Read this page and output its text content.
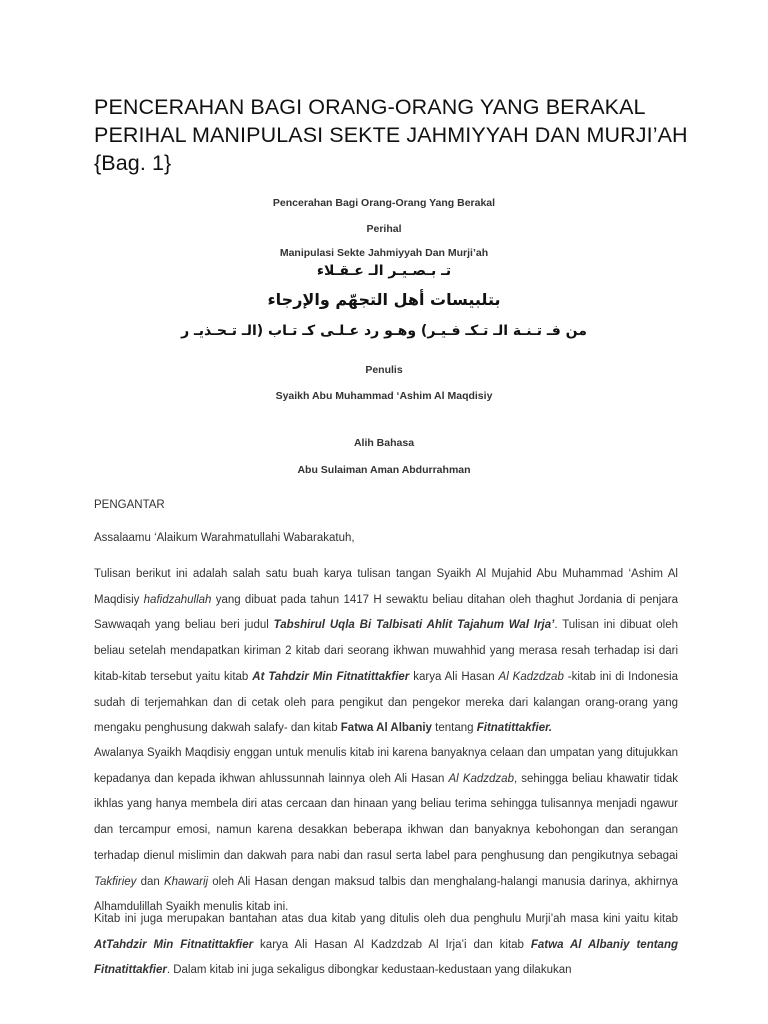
PENCERAHAN BAGI ORANG-ORANG YANG BERAKAL PERIHAL MANIPULASI SEKTE JAHMIYYAH DAN MURJI’AH {Bag. 1}
Pencerahan Bagi Orang-Orang Yang Berakal
Perihal
Manipulasi Sekte Jahmiyyah Dan Murji’ah
تـ بـصـيـر الـ عـقـلاء
بتلبيسات أهل التجهّم والإرجاء
من فـ تـنـة الـ تـكـ فـيـر) وهـو رد عـلـى كـ تـاب (الـ تـحـذيـ ر
Penulis
Syaikh Abu Muhammad ‘Ashim Al Maqdisiy
Alih Bahasa
Abu Sulaiman Aman Abdurrahman
PENGANTAR
Assalaamu ‘Alaikum Warahmatullahi Wabarakatuh,

Tulisan berikut ini adalah salah satu buah karya tulisan tangan Syaikh Al Mujahid Abu Muhammad ‘Ashim Al Maqdisiy hafidzahullah yang dibuat pada tahun 1417 H sewaktu beliau ditahan oleh thaghut Jordania di penjara Sawwaqah yang beliau beri judul Tabshirul Uqla Bi Talbisati Ahlit Tajahum Wal Irja’. Tulisan ini dibuat oleh beliau setelah mendapatkan kiriman 2 kitab dari seorang ikhwan muwahhid yang merasa resah terhadap isi dari kitab-kitab tersebut yaitu kitab At Tahdzir Min Fitnatittakfier karya Ali Hasan Al Kadzdzab -kitab ini di Indonesia sudah di terjemahkan dan di cetak oleh para pengikut dan pengekor mereka dari kalangan orang-orang yang mengaku penghusung dakwah salafy- dan kitab Fatwa Al Albaniy tentang Fitnatittakfier.

Awalanya Syaikh Maqdisiy enggan untuk menulis kitab ini karena banyaknya celaan dan umpatan yang ditujukkan kepadanya dan kepada ikhwan ahlussunnah lainnya oleh Ali Hasan Al Kadzdzab, sehingga beliau khawatir tidak ikhlas yang hanya membela diri atas cercaan dan hinaan yang beliau terima sehingga tulisannya menjadi ngawur dan tercampur emosi, namun karena desakkan beberapa ikhwan dan banyaknya kebohongan dan serangan terhadap dienul mislimin dan dakwah para nabi dan rasul serta label para penghusung dan pengikutnya sebagai Takfiriey dan Khawarij oleh Ali Hasan dengan maksud talbis dan menghalang-halangi manusia darinya, akhirnya Alhamdulillah Syaikh menulis kitab ini.

Kitab ini juga merupakan bantahan atas dua kitab yang ditulis oleh dua penghulu Murji’ah masa kini yaitu kitab AtTahdzir Min Fitnatittakfier karya Ali Hasan Al Kadzdzab Al Irja’i dan kitab Fatwa Al Albaniy tentang Fitnatittakfier. Dalam kitab ini juga sekaligus dibongkar kedustaan-kedustaan yang dilakukan
